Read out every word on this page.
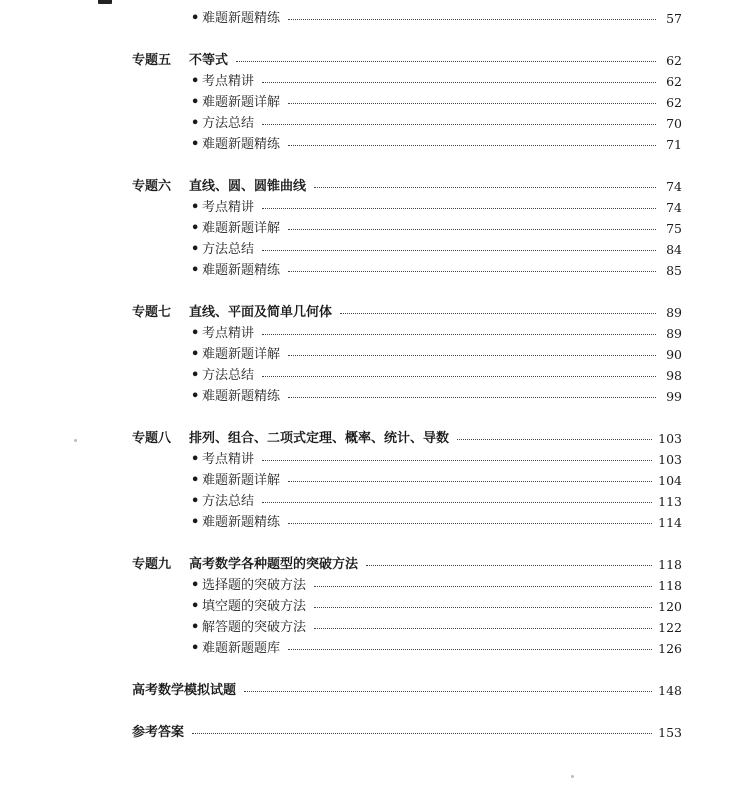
• 难题新题精练	57
专题五	不等式	62
• 考点精讲	62
• 难题新题详解	62
• 方法总结	70
• 难题新题精练	71
专题六	直线、圆、圆锥曲线	74
• 考点精讲	74
• 难题新题详解	75
• 方法总结	84
• 难题新题精练	85
专题七	直线、平面及简单几何体	89
• 考点精讲	89
• 难题新题详解	90
• 方法总结	98
• 难题新题精练	99
专题八	排列、组合、二项式定理、概率、统计、导数	103
• 考点精讲	103
• 难题新题详解	104
• 方法总结	113
• 难题新题精练	114
专题九	高考数学各种题型的突破方法	118
• 选择题的突破方法	118
• 填空题的突破方法	120
• 解答题的突破方法	122
• 难题新题题库	126
高考数学模拟试题	148
参考答案	153
